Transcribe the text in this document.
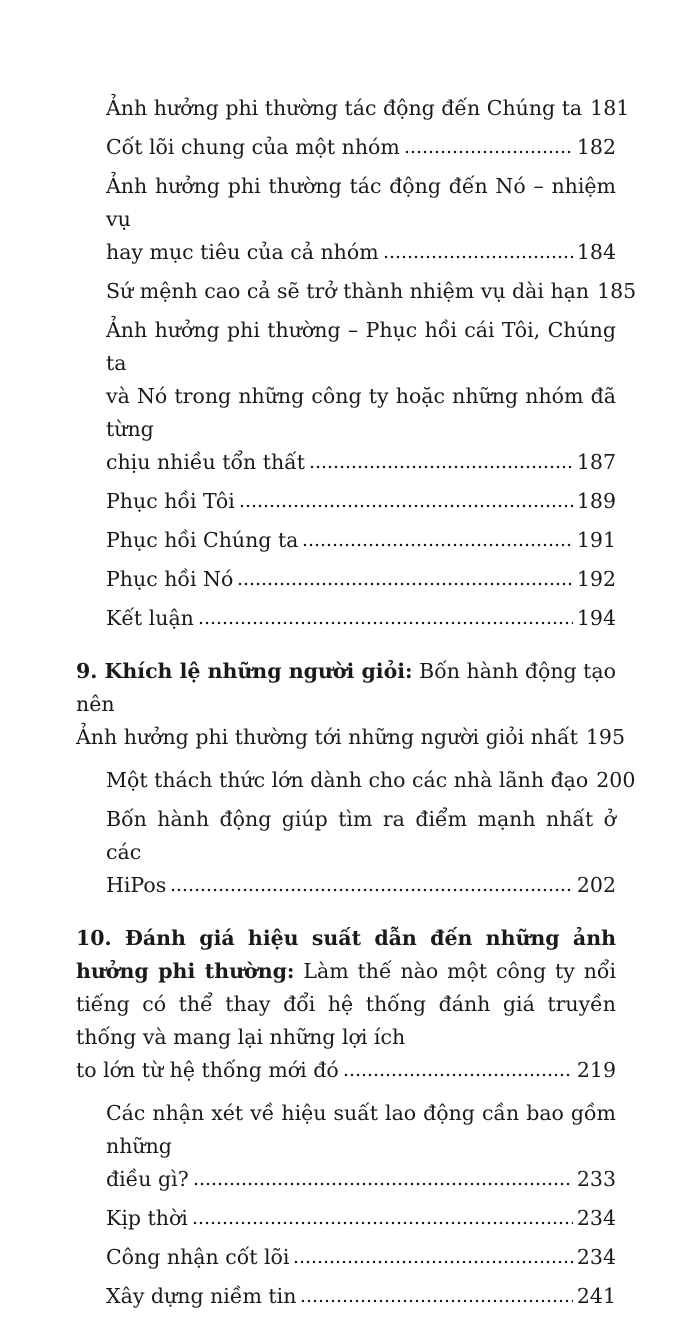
Ảnh hưởng phi thường tác động đến Chúng ta 181
Cốt lõi chung của một nhóm	182
Ảnh hưởng phi thường tác động đến Nó – nhiệm vụ

hay mục tiêu của cả nhóm	184
Sứ mệnh cao cả sẽ trở thành nhiệm vụ dài hạn 185
Ảnh hưởng phi thường – Phục hồi cái Tôi, Chúng ta
và Nó trong những công ty hoặc những nhóm đã từng

chịu nhiều tổn thất	187
Phục hồi Tôi	189
Phục hồi Chúng ta	191
Phục hồi Nó	192
Kết luận	194
9. Khích lệ những người giỏi: Bốn hành động tạo nên
Ảnh hưởng phi thường tới những người giỏi nhất 195
Một thách thức lớn dành cho các nhà lãnh đạo 200
Bốn hành động giúp tìm ra điểm mạnh nhất ở các

HiPos	202
10. Đánh giá hiệu suất dẫn đến những ảnh hưởng phi thường: Làm thế nào một công ty nổi tiếng có thể thay đổi hệ thống đánh giá truyền thống và mang lại những lợi ích
to lớn từ hệ thống mới đó	219
Các nhận xét về hiệu suất lao động cần bao gồm những

điều gì?	233
Kịp thời	234
Công nhận cốt lõi	234
Xây dựng niềm tin	241
